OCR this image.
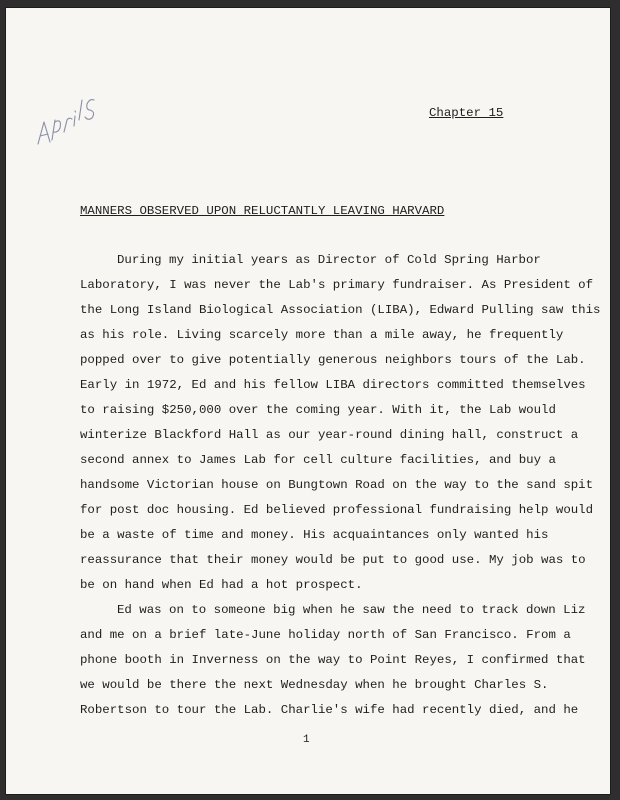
Chapter 15
MANNERS OBSERVED UPON RELUCTANTLY LEAVING HARVARD
During my initial years as Director of Cold Spring Harbor
Laboratory, I was never the Lab's primary fundraiser. As President of
the Long Island Biological Association (LIBA), Edward Pulling saw this
as his role. Living scarcely more than a mile away, he frequently
popped over to give potentially generous neighbors tours of the Lab.
Early in 1972, Ed and his fellow LIBA directors committed themselves
to raising $250,000 over the coming year. With it, the Lab would
winterize Blackford Hall as our year-round dining hall, construct a
second annex to James Lab for cell culture facilities, and buy a
handsome Victorian house on Bungtown Road on the way to the sand spit
for post doc housing. Ed believed professional fundraising help would
be a waste of time and money. His acquaintances only wanted his
reassurance that their money would be put to good use. My job was to
be on hand when Ed had a hot prospect.
Ed was on to someone big when he saw the need to track down Liz
and me on a brief late-June holiday north of San Francisco. From a
phone booth in Inverness on the way to Point Reyes, I confirmed that
we would be there the next Wednesday when he brought Charles S.
Robertson to tour the Lab. Charlie's wife had recently died, and he
1
